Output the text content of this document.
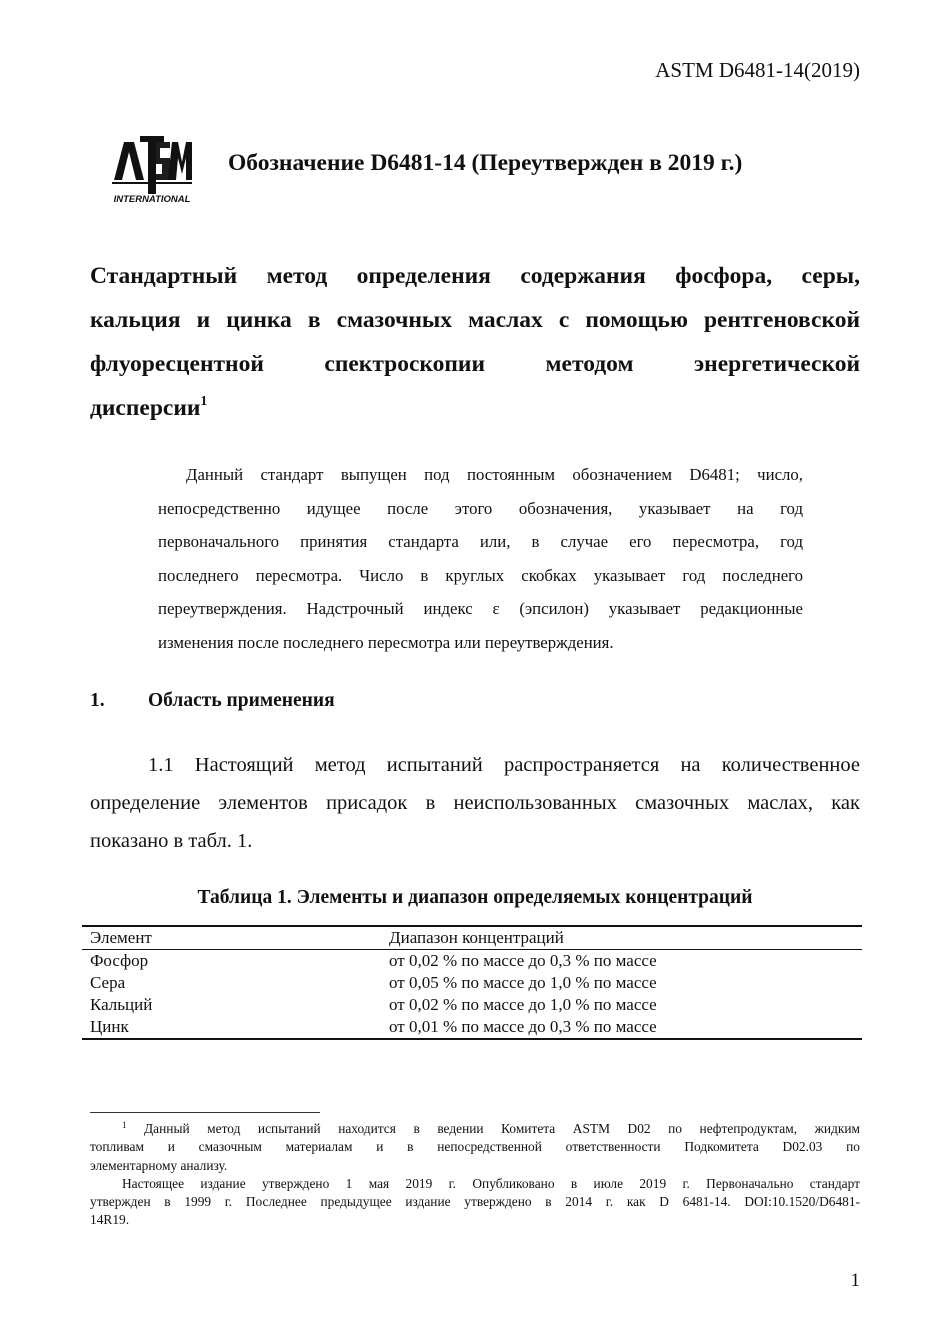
ASTM D6481-14(2019)
INTERNATIONAL
Обозначение D6481-14 (Переутвержден в 2019 г.)
Стандартный метод определения содержания фосфора, серы,
кальция и цинка в смазочных маслах с помощью рентгеновской
флуоресцентной спектроскопии методом энергетической
дисперсии$^1$
Данный стандарт выпущен под постоянным обозначением D6481; число,
непосредственно идущее после этого обозначения, указывает на год
первоначального принятия стандарта или, в случае его пересмотра, год
последнего пересмотра. Число в круглых скобках указывает год последнего
переутверждения. Надстрочный индекс ε (эпсилон) указывает редакционные
изменения после последнего пересмотра или переутверждения.
1. Область применения
1.1 Настоящий метод испытаний распространяется на количественное
определение элементов присадок в неиспользованных смазочных маслах, как
показано в табл. 1.
Таблица 1. Элементы и диапазон определяемых концентраций
Элемент	Диапазон концентраций
Фосфор	от 0,02 % по массе до 0,3 % по массе
Сера	от 0,05 % по массе до 1,0 % по массе
Кальций	от 0,02 % по массе до 1,0 % по массе
Цинк	от 0,01 % по массе до 0,3 % по массе
$^1$ Данный метод испытаний находится в ведении Комитета ASTM D02 по нефтепродуктам, жидким
топливам и смазочным материалам и в непосредственной ответственности Подкомитета D02.03 по
элементарному анализу.
Настоящее издание утверждено 1 мая 2019 г. Опубликовано в июле 2019 г. Первоначально стандарт
утвержден в 1999 г. Последнее предыдущее издание утверждено в 2014 г. как D 6481-14. DOI:10.1520/D6481-
14R19.
1
